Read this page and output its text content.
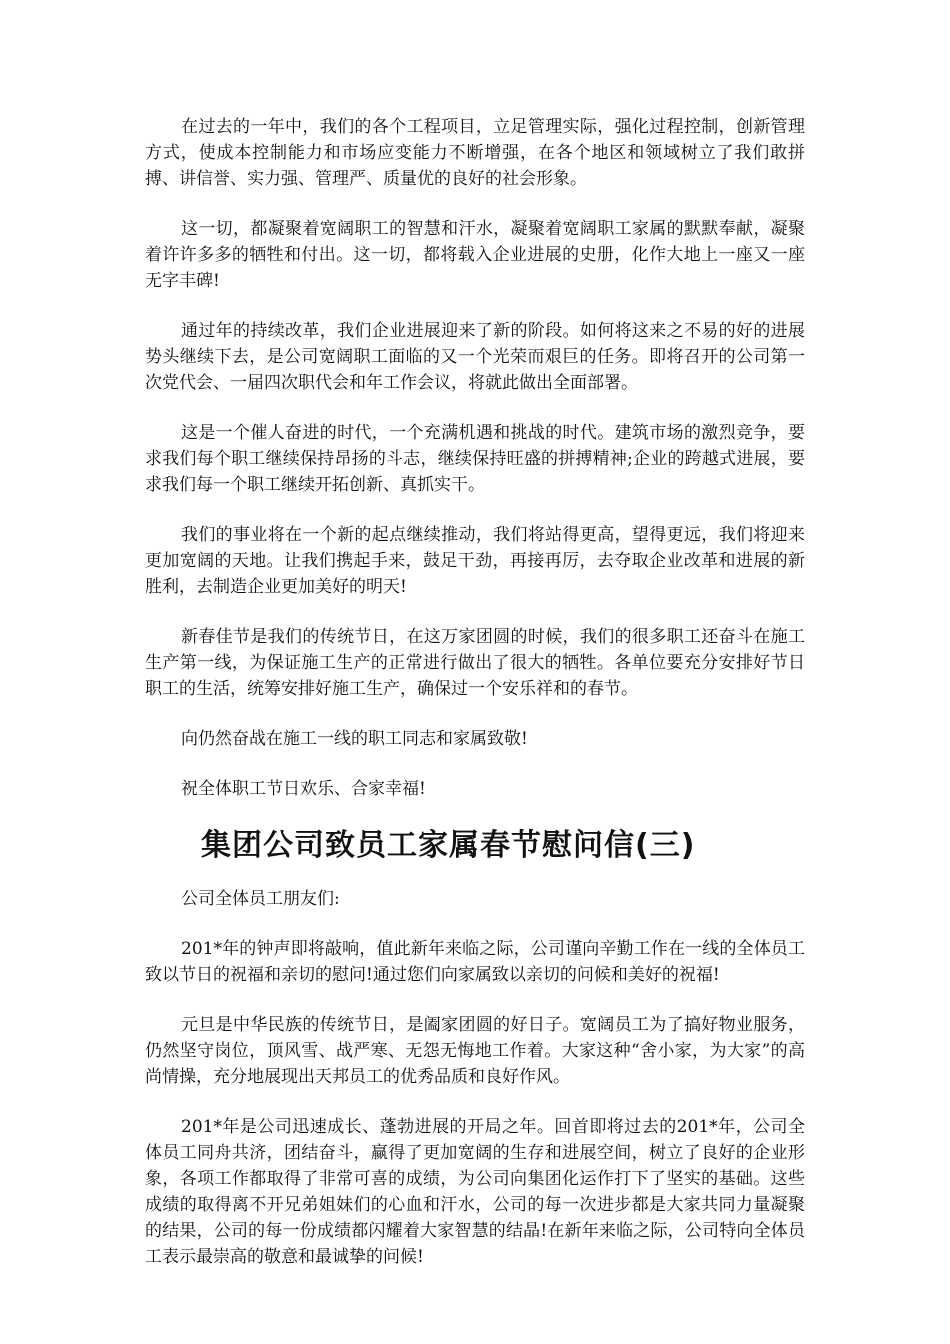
在过去的一年中，我们的各个工程项目，立足管理实际，强化过程控制，创新管理方式，使成本控制能力和市场应变能力不断增强，在各个地区和领域树立了我们敢拼搏、讲信誉、实力强、管理严、质量优的良好的社会形象。

这一切，都凝聚着宽阔职工的智慧和汗水，凝聚着宽阔职工家属的默默奉献，凝聚着许许多多的牺牲和付出。这一切，都将载入企业进展的史册，化作大地上一座又一座无字丰碑!

通过年的持续改革，我们企业进展迎来了新的阶段。如何将这来之不易的好的进展势头继续下去，是公司宽阔职工面临的又一个光荣而艰巨的任务。即将召开的公司第一次党代会、一届四次职代会和年工作会议，将就此做出全面部署。

这是一个催人奋进的时代，一个充满机遇和挑战的时代。建筑市场的激烈竞争，要求我们每个职工继续保持昂扬的斗志，继续保持旺盛的拼搏精神;企业的跨越式进展，要求我们每一个职工继续开拓创新、真抓实干。

我们的事业将在一个新的起点继续推动，我们将站得更高，望得更远，我们将迎来更加宽阔的天地。让我们携起手来，鼓足干劲，再接再厉，去夺取企业改革和进展的新胜利，去制造企业更加美好的明天!

新春佳节是我们的传统节日，在这万家团圆的时候，我们的很多职工还奋斗在施工生产第一线，为保证施工生产的正常进行做出了很大的牺牲。各单位要充分安排好节日职工的生活，统筹安排好施工生产，确保过一个安乐祥和的春节。

向仍然奋战在施工一线的职工同志和家属致敬!

祝全体职工节日欢乐、合家幸福!

集团公司致员工家属春节慰问信(三)

公司全体员工朋友们:

201*年的钟声即将敲响，值此新年来临之际，公司谨向辛勤工作在一线的全体员工致以节日的祝福和亲切的慰问!通过您们向家属致以亲切的问候和美好的祝福!

元旦是中华民族的传统节日，是阖家团圆的好日子。宽阔员工为了搞好物业服务，仍然坚守岗位，顶风雪、战严寒、无怨无悔地工作着。大家这种“舍小家，为大家”的高尚情操，充分地展现出天邦员工的优秀品质和良好作风。

201*年是公司迅速成长、蓬勃进展的开局之年。回首即将过去的201*年，公司全体员工同舟共济，团结奋斗，赢得了更加宽阔的生存和进展空间，树立了良好的企业形象，各项工作都取得了非常可喜的成绩，为公司向集团化运作打下了坚实的基础。这些成绩的取得离不开兄弟姐妹们的心血和汗水，公司的每一次进步都是大家共同力量凝聚的结果，公司的每一份成绩都闪耀着大家智慧的结晶!在新年来临之际，公司特向全体员工表示最崇高的敬意和最诚挚的问候!
